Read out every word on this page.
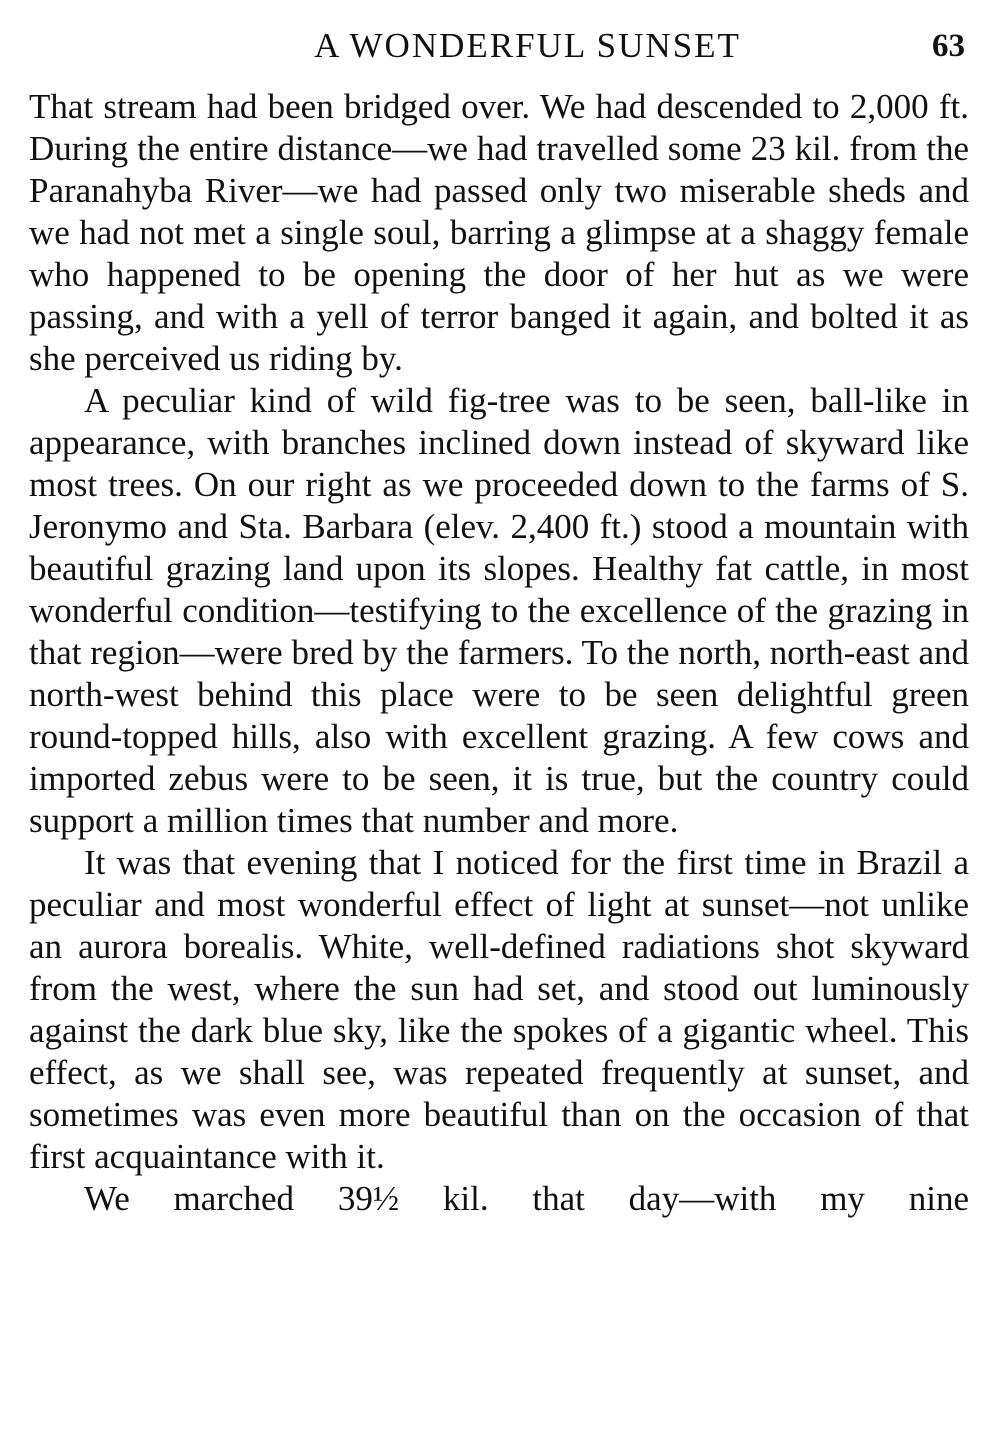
A WONDERFUL SUNSET	63

That stream had been bridged over. We had descended to 2,000 ft. During the entire distance—we had travelled some 23 kil. from the Paranahyba River—we had passed only two miserable sheds and we had not met a single soul, barring a glimpse at a shaggy female who happened to be opening the door of her hut as we were passing, and with a yell of terror banged it again, and bolted it as she perceived us riding by.

A peculiar kind of wild fig-tree was to be seen, ball-like in appearance, with branches inclined down instead of skyward like most trees. On our right as we proceeded down to the farms of S. Jeronymo and Sta. Barbara (elev. 2,400 ft.) stood a mountain with beautiful grazing land upon its slopes. Healthy fat cattle, in most wonderful condition—testifying to the excellence of the grazing in that region—were bred by the farmers. To the north, north-east and north-west behind this place were to be seen delightful green round-topped hills, also with excellent grazing. A few cows and imported zebus were to be seen, it is true, but the country could support a million times that number and more.

It was that evening that I noticed for the first time in Brazil a peculiar and most wonderful effect of light at sunset—not unlike an aurora borealis. White, well-defined radiations shot skyward from the west, where the sun had set, and stood out luminously against the dark blue sky, like the spokes of a gigantic wheel. This effect, as we shall see, was repeated frequently at sunset, and sometimes was even more beautiful than on the occasion of that first acquaintance with it.

We marched 39½ kil. that day—with my nine
